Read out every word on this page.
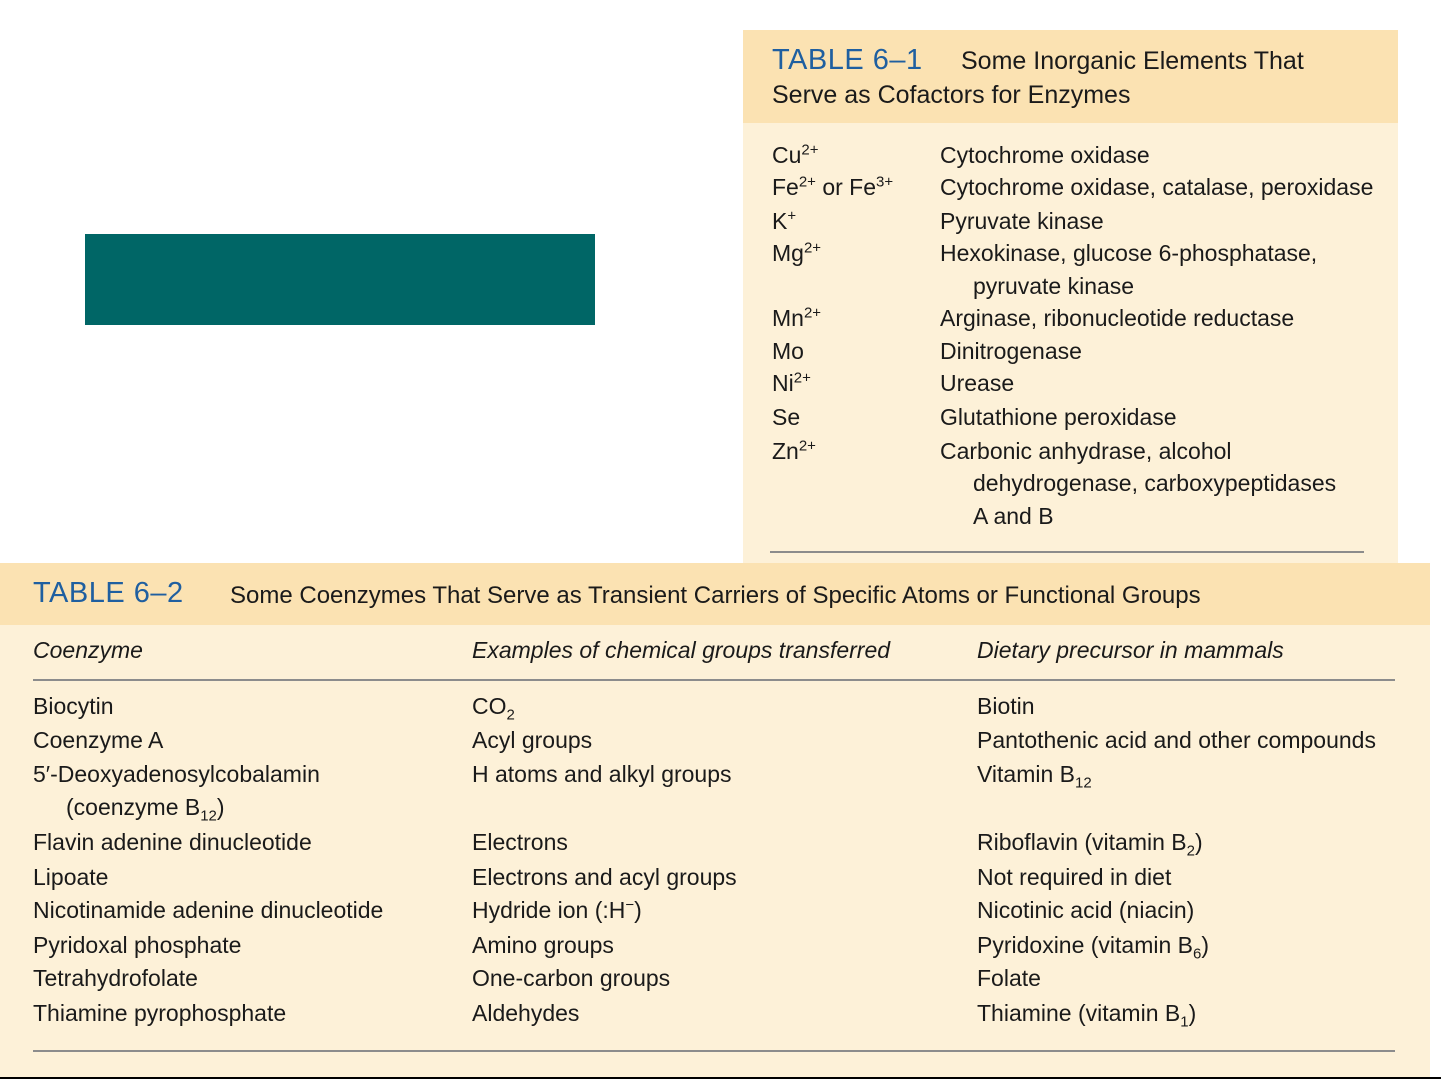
TABLE 6–1 Some Inorganic Elements That
Serve as Cofactors for Enzymes
$Cu^{2+}$	Cytochrome oxidase
$Fe^{2+}$ or $Fe^{3+}$ Cytochrome oxidase, catalase, peroxidase
K+	Pyruvate kinase
$Mg^{2+}$	Hexokinase, glucose 6-phosphatase,
pyruvate kinase
$Mn^{2+}$	Arginase, ribonucleotide reductase
Mo	Dinitrogenase
$Ni^{2+}$	Urease
Se	Glutathione peroxidase
$Zn^{2+}$	Carbonic anhydrase, alcohol
dehydrogenase, carboxypeptidases
A and B
TABLE 6–2 Some Coenzymes That Serve as Transient Carriers of Specific Atoms or Functional Groups
Coenzyme	Examples of chemical groups transferred	Dietary precursor in mammals
Biocytin	$CO_2$	Biotin
Coenzyme A	Acyl groups	Pantothenic acid and other compounds
5′-Deoxyadenosylcobalamin	H atoms and alkyl groups	Vitamin $B_{12}$
(coenzyme $B_{12}$)
Flavin adenine dinucleotide	Electrons	Riboflavin (vitamin $B_2$)
Lipoate	Electrons and acyl groups	Not required in diet
Nicotinamide adenine dinucleotide	Hydride ion (:H−)	Nicotinic acid (niacin)
Pyridoxal phosphate	Amino groups	Pyridoxine (vitamin $B_6$)
Tetrahydrofolate	One-carbon groups	Folate
Thiamine pyrophosphate	Aldehydes	Thiamine (vitamin $B_1$)
